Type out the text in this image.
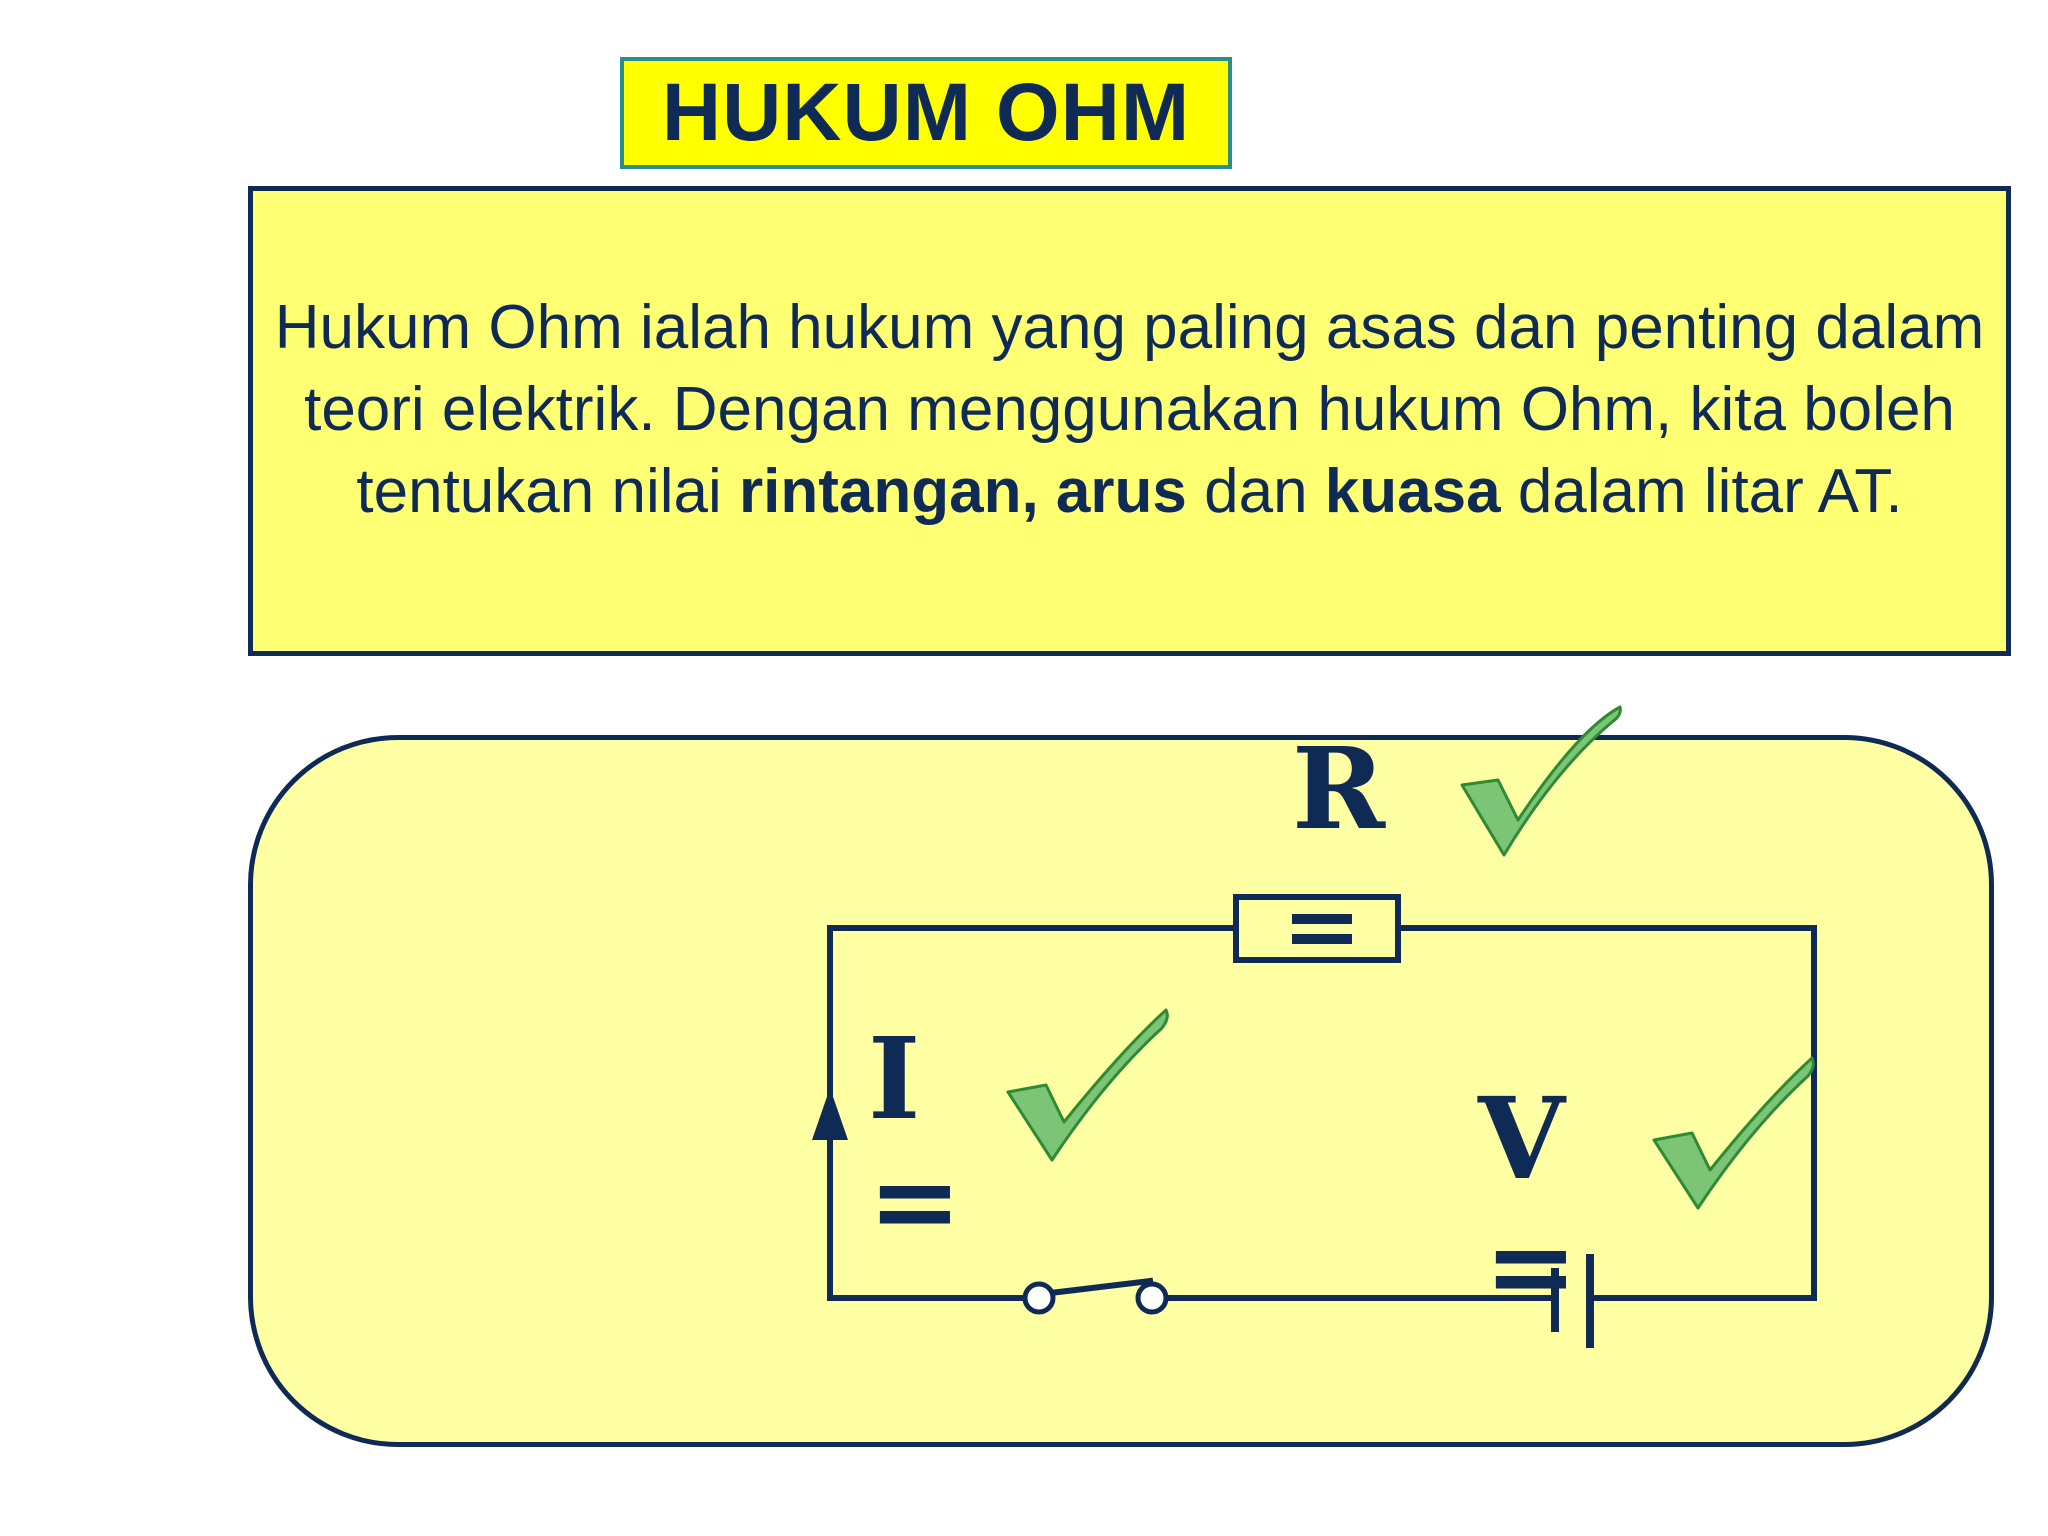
HUKUM OHM
Hukum Ohm ialah hukum yang paling asas dan penting dalam teori elektrik. Dengan menggunakan hukum Ohm, kita boleh tentukan nilai rintangan, arus dan kuasa dalam litar AT.
R
I	V
=	=
